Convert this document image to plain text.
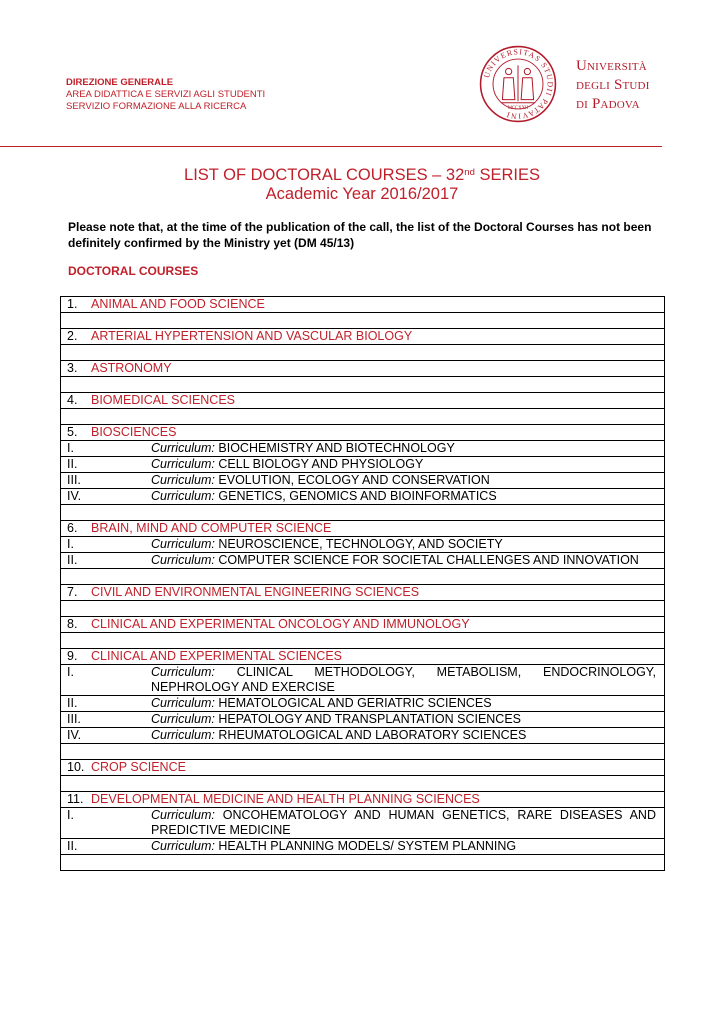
DIREZIONE GENERALE
AREA DIDATTICA E SERVIZI AGLI STUDENTI
SERVIZIO FORMAZIONE ALLA RICERCA
UNIVERSITAS STUDII PATAVINI
MCCXXII
Università
degli Studi
di Padova
LIST OF DOCTORAL COURSES – 32nd SERIES
Academic Year 2016/2017
Please note that, at the time of the publication of the call, the list of the Doctoral Courses has not been definitely confirmed by the Ministry yet (DM 45/13)
DOCTORAL COURSES
1. ANIMAL AND FOOD SCIENCE

2. ARTERIAL HYPERTENSION AND VASCULAR BIOLOGY

3. ASTRONOMY

4. BIOMEDICAL SCIENCES

5. BIOSCIENCES

I.	Curriculum: BIOCHEMISTRY AND BIOTECHNOLOGY

II.	Curriculum: CELL BIOLOGY AND PHYSIOLOGY

III.	Curriculum: EVOLUTION, ECOLOGY AND CONSERVATION

IV.	Curriculum: GENETICS, GENOMICS AND BIOINFORMATICS

6. BRAIN, MIND AND COMPUTER SCIENCE

I.	Curriculum: NEUROSCIENCE, TECHNOLOGY, AND SOCIETY

II.	Curriculum: COMPUTER SCIENCE FOR SOCIETAL CHALLENGES AND INNOVATION

7. CIVIL AND ENVIRONMENTAL ENGINEERING SCIENCES

8. CLINICAL AND EXPERIMENTAL ONCOLOGY AND IMMUNOLOGY

9. CLINICAL AND EXPERIMENTAL SCIENCES

I.	Curriculum: CLINICAL METHODOLOGY, METABOLISM, ENDOCRINOLOGY, NEPHROLOGY AND EXERCISE

II.	Curriculum: HEMATOLOGICAL AND GERIATRIC SCIENCES

III.	Curriculum: HEPATOLOGY AND TRANSPLANTATION SCIENCES

IV.	Curriculum: RHEUMATOLOGICAL AND LABORATORY SCIENCES

10. CROP SCIENCE

11. DEVELOPMENTAL MEDICINE AND HEALTH PLANNING SCIENCES

I.	Curriculum: ONCOHEMATOLOGY AND HUMAN GENETICS, RARE DISEASES AND PREDICTIVE MEDICINE

II.	Curriculum: HEALTH PLANNING MODELS/ SYSTEM PLANNING
